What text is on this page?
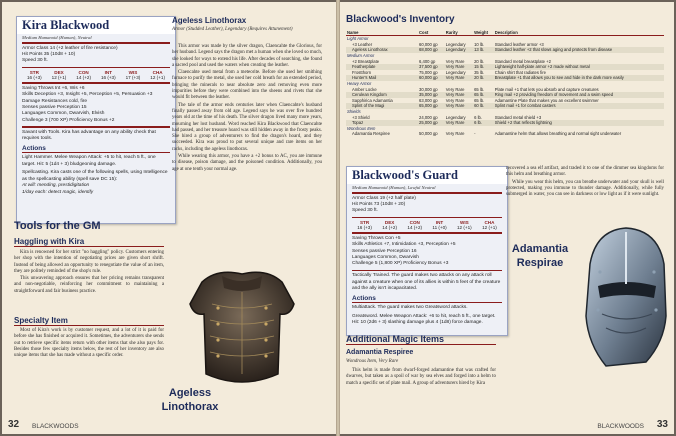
Kira Blackwood
Medium Humanoid (Human), Neutral
Armor Class 14 (+2 leather of fire resistance)
Hit Points 35 (10d8 + 10)
Speed 30 ft.
STR	DEX	CON	INT	WIS	CHA
16 (+3)	12 (+1)	14 (+2)	16 (+3)	17 (+3)	12 (+1)
Saving Throws Int +6, Wis +6
Skills Deception +3, Insight +5, Perception +5, Persuasion +3
Damage Resistances cold, fire
Senses passive Perception 15
Languages Common, Dwarvish, Elvish
Challenge 3 (700 XP) Proficiency Bonus +2
Savant with Tools. Kira has advantage on any ability check that requires tools.
Actions
Light Hammer. Melee Weapon Attack: +5 to hit, reach 5 ft., one target. Hit: 5 (1d4 + 3) bludgeoning damage.
Spellcasting. Kira casts one of the following spells, using Intelligence as the spellcasting ability (spell save DC 15):
At will: mending, prestidigitation
1/day each: detect magic, identify
Ageless Linothorax
Armor (Studded Leather), Legendary (Requires Attunement)

This armor was made by the silver dragon, Claencahte the Glorious, for her husband. Legend says the dragon met a human when she loved so much, she looked for ways to extend his life. After decades of searching, she found a sacred pool and used the waters when creating the leather.

Claencahte used metal from a meteorite. Before she used her smithing furnace to purify the metal, she used her cold breath for an extended period, bringing the minerals to near absolute zero and removing even more impurities before they were combined into the sheens and rivets that she would fit between the leather.

The tale of the armor ends centuries later when Claencahte's husband finally passed away from old age. Legend says he was over five hundred years old at the time of his death. The silver dragon lived many more years, mourning her lost husband. Word reached Kira Blackwood that Claencahte had passed, and her treasure hoard was still hidden away in the frosty peaks. She hired a group of adventurers to find the dragon's hoard, and they succeeded. Kira was proud to put several unique and rare items on her racks, including the ageless linothorax.

While wearing this armor, you have a +2 bonus to AC, you are immune to disease, poison damage, and the poisoned condition. Additionally, you age at one tenth your normal age.

Tools for the GM
Haggling with Kira

Kira is renowned for her strict "no haggling" policy. Customers entering her shop with the intention of negotiating prices are given short shrift. Instead of being allowed an opportunity to renegotiate the value of an item, they are politely reminded of the shop's rule.

This unwavering approach ensures that her pricing remains transparent and non-negotiable, reinforcing her commitment to maintaining a straightforward and fair business practice.

Specialty Item

Most of Kira's work is by customer request, and a lot of it is paid for before she has finished or acquired it. Sometimes, the adventurers she sends out to retrieve specific items return with other items that she also pays for. Besides those few specialty items below, the rest of her inventory are also unique items that she has made without a specific order.

Ageless
Linothorax
32 BLACKWOODS
Blackwood's Inventory
Name	Cost	Rarity	Weight	Description
Light Armor				
+3 Leather	60,000 gp	Legendary	10 lb.	Standard leather armor +3
Ageless Linothorax	68,000 gp	Legendary	13 lb.	Standard leather +2 that slows aging and protects from disease
Medium Armor				
+2 Breastplate	6,400 gp	Very Rare	20 lb.	Standard metal breastplate +2
Featherplate	37,500 gp	Very Rare	15 lb.	Lightweight half-plate armor +2 made without metal
Frostthorn	75,000 gp	Legendary	35 lb.	Chain shirt that radiates fire
Hunter's Mail	60,000 gp	Very Rare	20 lb.	Breastplate +1 that allows you to see and hide in the dark more easily
Heavy Armor				
Amber Locke	30,000 gp	Very Rare	65 lb.	Plate mail +1 that lets you absorb and capture creatures
Cerulean Kingdom	35,000 gp	Very Rare	65 lb.	Ring mail +2 providing freedom of movement and a swim speed
Sapphirica Adamantia	63,000 gp	Very Rare	65 lb.	Adamantine Plate that makes you an excellent swimmer
Splint of the Magi	65,000 gp	Very Rare	60 lb.	Splint mail +1 for combat casters
Shields				
+3 Shield	24,000 gp	Legendary	6 lb.	Standard metal shield +3
Topaz	25,000 gp	Very Rare	6 lb.	Shield +2 that reflects lightning
Wondrous Item				
Adamantia Respiree	50,000 gp	Very Rare	-	Adamantine helm that allows breathing and normal sight underwater
Blackwood's Guard
Medium Humanoid (Human), Lawful Neutral
Armor Class 19 (+2 half plate)
Hit Points 73 (10d8 + 20)
Speed 30 ft.
STR	DEX	CON	INT	WIS	CHA
16 (+3)	14 (+2)	14 (+2)	11 (+0)	12 (+1)	12 (+1)
Saving Throws Con +5
Skills Athletics +7, Intimidation +3, Perception +5
Senses passive Perception 16
Languages Common, Dwarvish
Challenge 5 (1,800 XP) Proficiency Bonus +3
Tactically Trained. The guard makes two attacks on any attack roll against a creature when one of its allies is within 5 feet of the creature and the ally isn't incapacitated.
Actions
Multiattack. The guard makes two Greatsword attacks.
Greatsword. Melee Weapon Attack: +6 to hit, reach 5 ft., one target. Hit: 10 (2d6 + 3) slashing damage plus 4 (1d8) force damage.

recovered a sea elf artifact, and traded it to one of the dimmer sea kingdoms for this helm and breathing armor.

While you wear this helm, you can breathe underwater and your skull is well protected, making you immune to thunder damage. Additionally, while fully submerged in water, you can see in darkness or low light as if it were sunlight.

Additional Magic Items
Adamantia Respiree
Wondrous Item, Very Rare

This helm is made from dwarf-forged adamantine that was crafted for dwarves, but taken as a spoil of war by sea elves and forged into a helm to match a specific set of plate mail. A group of adventurers hired by Kira

Adamantia
Respirae
BLACKWOODS 33
